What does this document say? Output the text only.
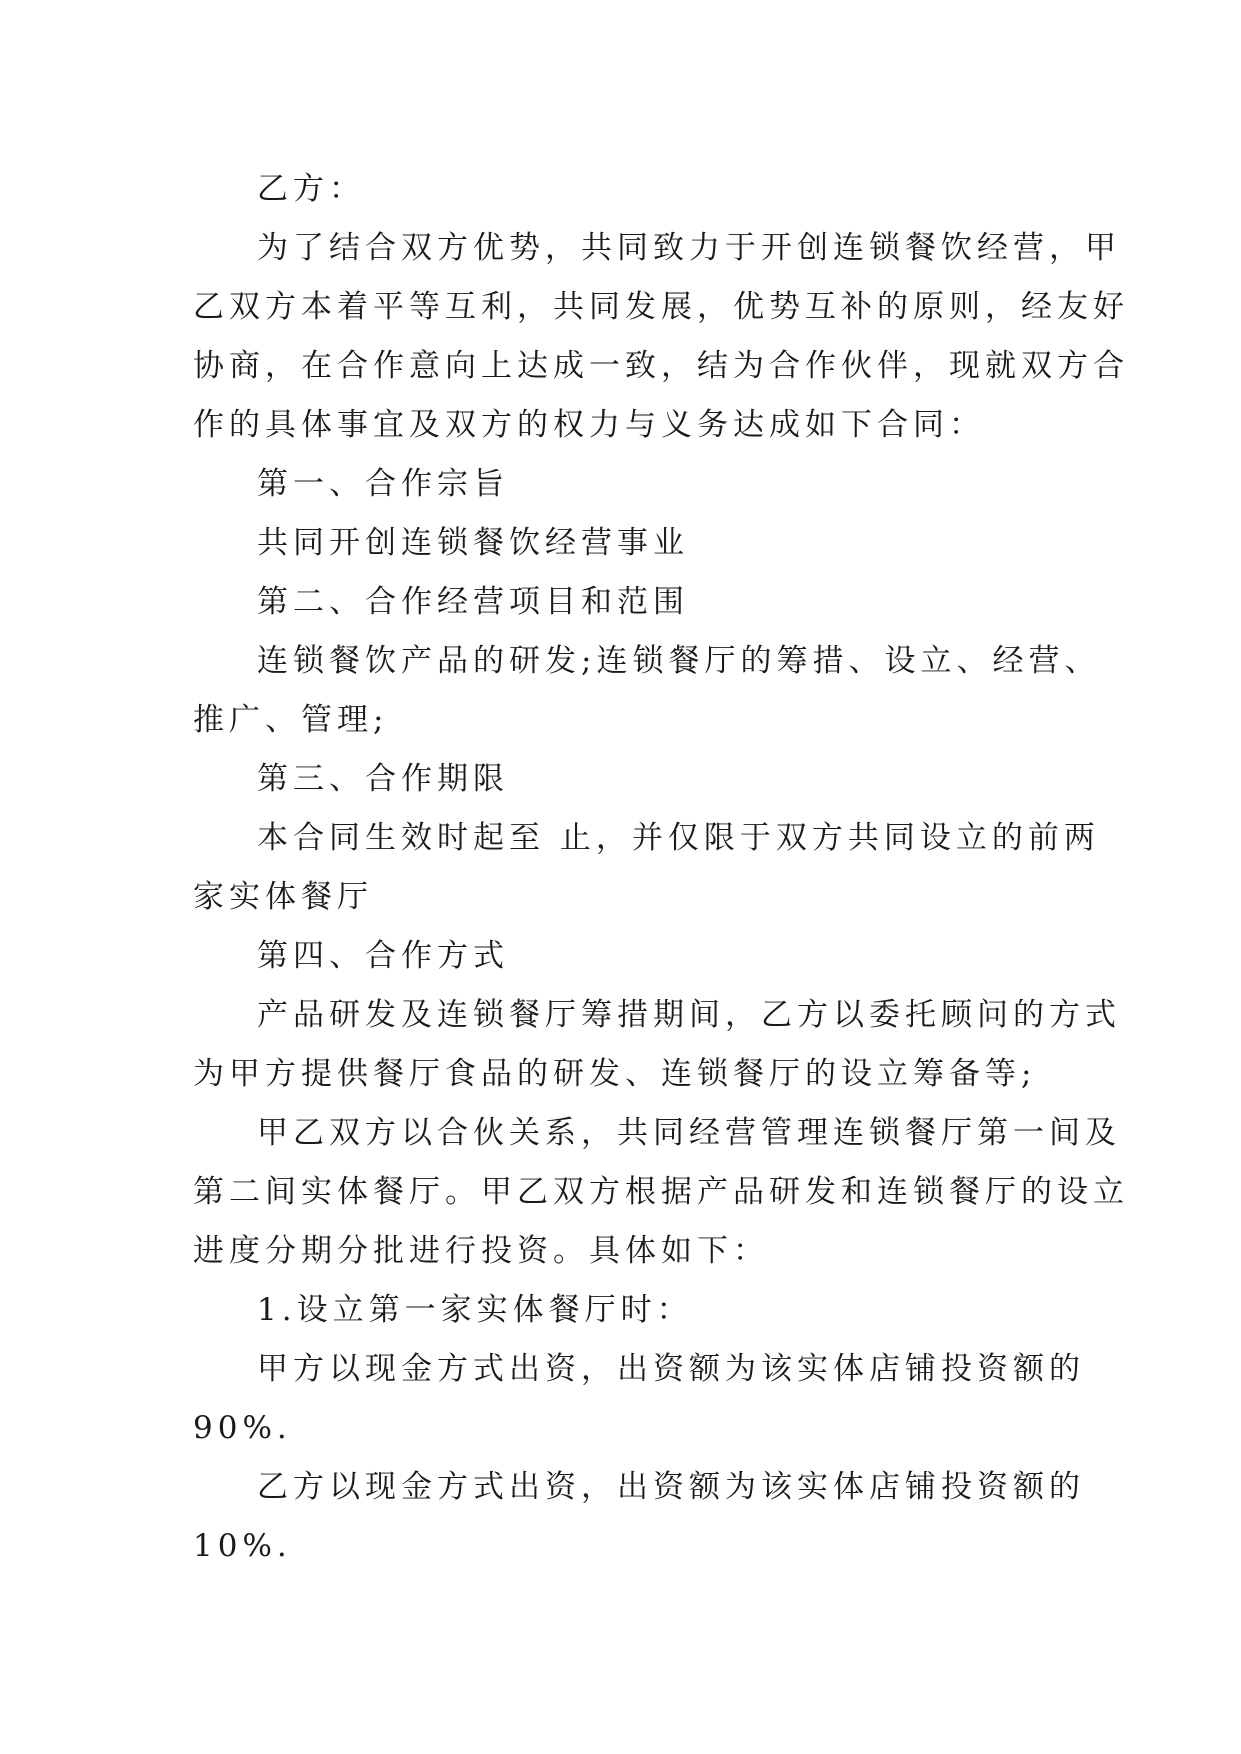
乙方：

为了结合双方优势，共同致力于开创连锁餐饮经营，甲

乙双方本着平等互利，共同发展，优势互补的原则，经友好

协商，在合作意向上达成一致，结为合作伙伴，现就双方合

作的具体事宜及双方的权力与义务达成如下合同：

第一、合作宗旨

共同开创连锁餐饮经营事业

第二、合作经营项目和范围

连锁餐饮产品的研发;连锁餐厅的筹措、设立、经营、

推广、管理;

第三、合作期限

本合同生效时起至 止，并仅限于双方共同设立的前两

家实体餐厅

第四、合作方式

产品研发及连锁餐厅筹措期间，乙方以委托顾问的方式

为甲方提供餐厅食品的研发、连锁餐厅的设立筹备等;

甲乙双方以合伙关系，共同经营管理连锁餐厅第一间及

第二间实体餐厅。甲乙双方根据产品研发和连锁餐厅的设立

进度分期分批进行投资。具体如下：

1.设立第一家实体餐厅时：

甲方以现金方式出资，出资额为该实体店铺投资额的

90%.

乙方以现金方式出资，出资额为该实体店铺投资额的

10%.
